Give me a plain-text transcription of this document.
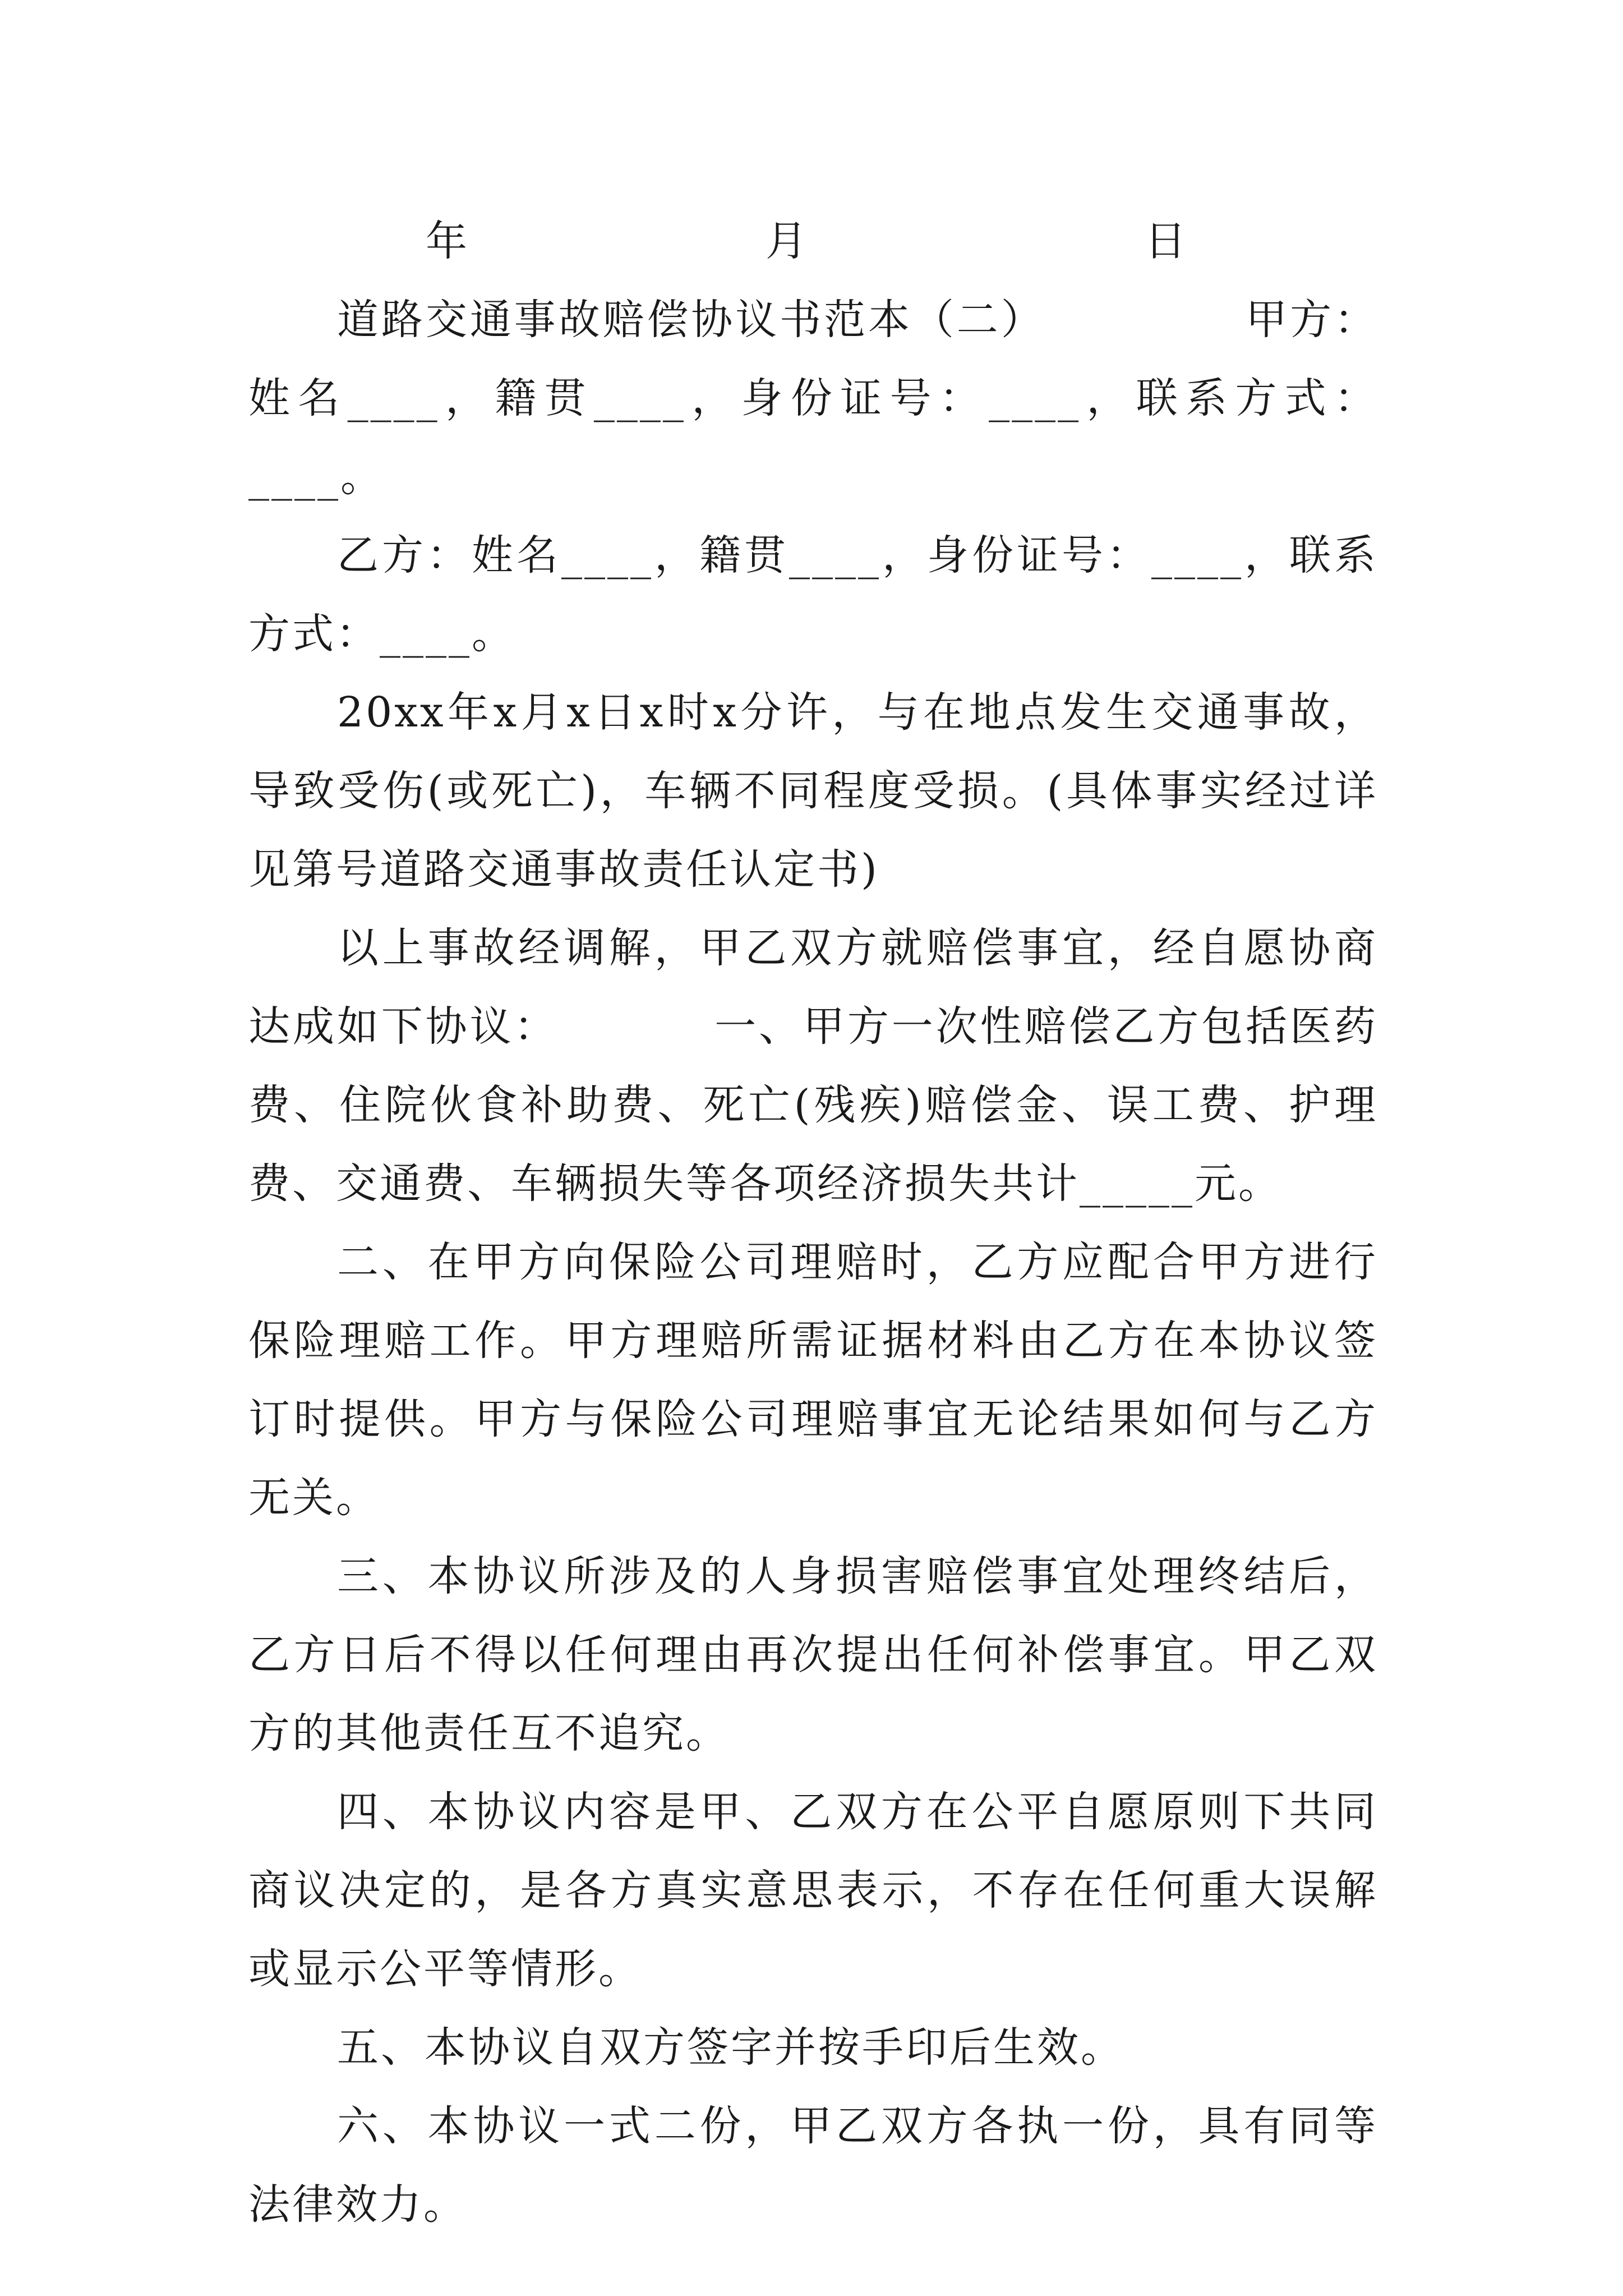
年	月	日

道路交通事故赔偿协议书范本（二）　　　　　甲方：姓名____，籍贯____，身份证号：____，联系方式：____。

乙方：姓名____，籍贯____，身份证号：____，联系方式：____。

20xx年x月x日x时x分许，与在地点发生交通事故，导致受伤(或死亡)，车辆不同程度受损。(具体事实经过详见第号道路交通事故责任认定书)

以上事故经调解，甲乙双方就赔偿事宜，经自愿协商达成如下协议：　　　　一、甲方一次性赔偿乙方包括医药费、住院伙食补助费、死亡(残疾)赔偿金、误工费、护理费、交通费、车辆损失等各项经济损失共计_____元。

二、在甲方向保险公司理赔时，乙方应配合甲方进行保险理赔工作。甲方理赔所需证据材料由乙方在本协议签订时提供。甲方与保险公司理赔事宜无论结果如何与乙方无关。

三、本协议所涉及的人身损害赔偿事宜处理终结后，乙方日后不得以任何理由再次提出任何补偿事宜。甲乙双方的其他责任互不追究。

四、本协议内容是甲、乙双方在公平自愿原则下共同商议决定的，是各方真实意思表示，不存在任何重大误解或显示公平等情形。

五、本协议自双方签字并按手印后生效。

六、本协议一式二份，甲乙双方各执一份，具有同等法律效力。
